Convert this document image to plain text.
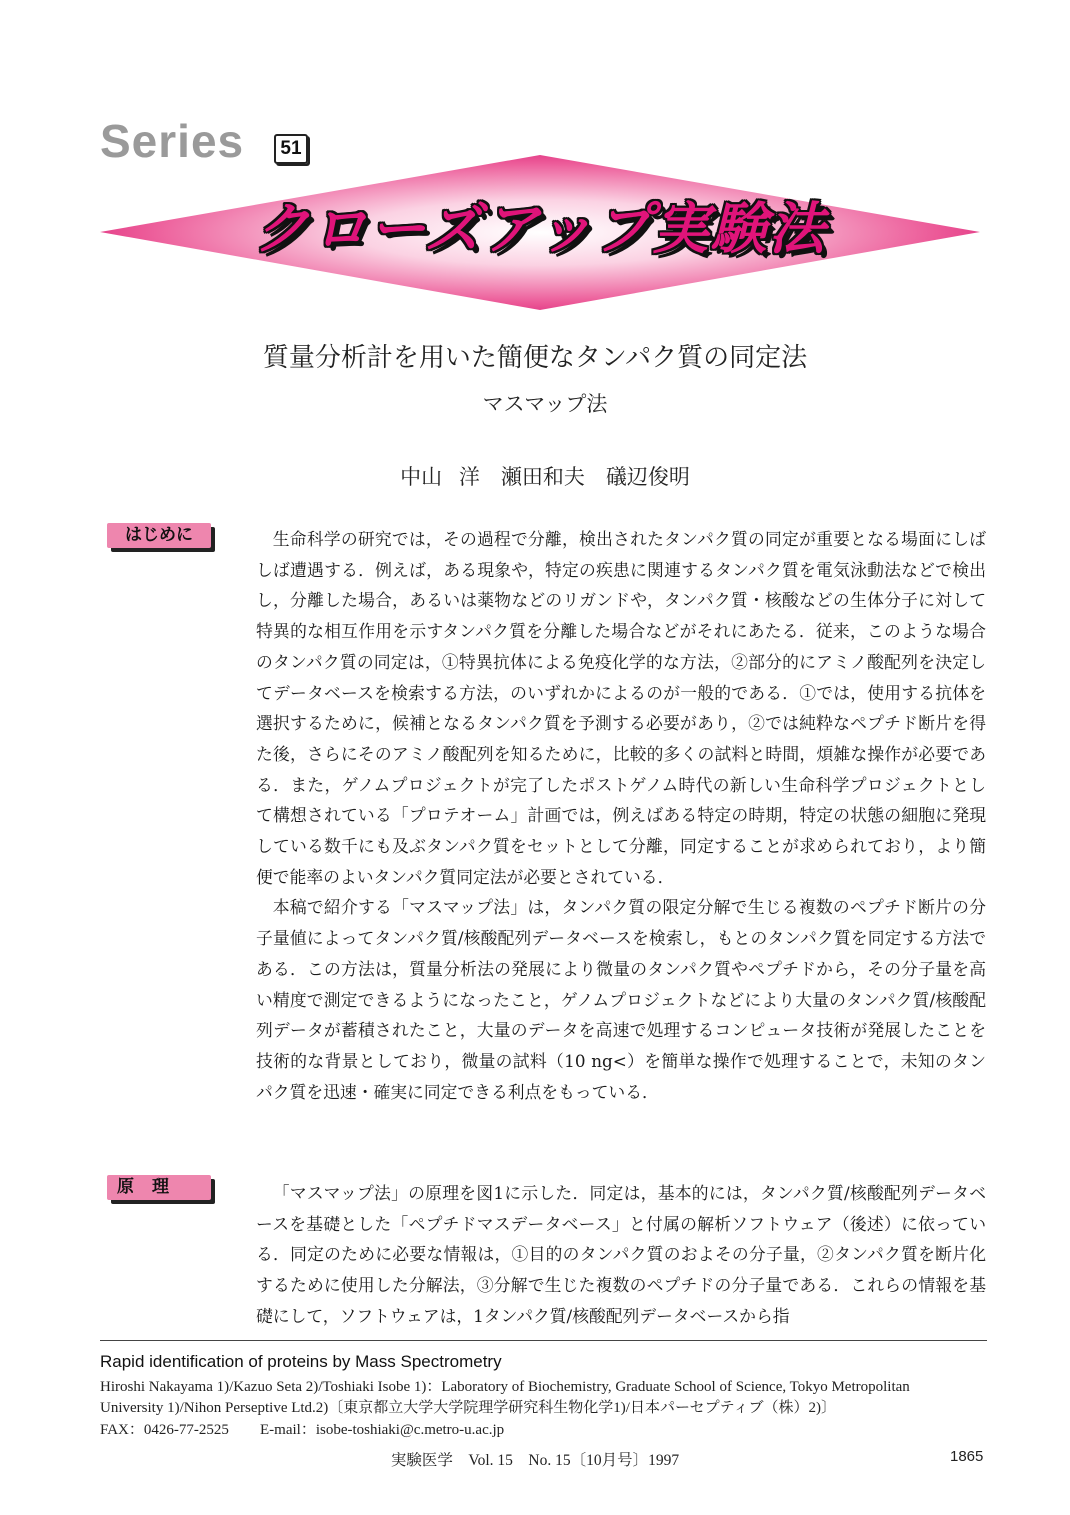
Series	51
クローズアップ実験法
質量分析計を用いた簡便なタンパク質の同定法
マスマップ法
中山 洋　瀬田和夫　礒辺俊明
はじめに	生命科学の研究では，その過程で分離，検出されたタンパク質の同定が重要となる場面にしばしば遭遇する．例えば，ある現象や，特定の疾患に関連するタンパク質を電気泳動法などで検出し，分離した場合，あるいは薬物などのリガンドや，タンパク質・核酸などの生体分子に対して特異的な相互作用を示すタンパク質を分離した場合などがそれにあたる．従来，このような場合のタンパク質の同定は，①特異抗体による免疫化学的な方法，②部分的にアミノ酸配列を決定してデータベースを検索する方法，のいずれかによるのが一般的である．①では，使用する抗体を選択するために，候補となるタンパク質を予測する必要があり，②では純粋なペプチド断片を得た後，さらにそのアミノ酸配列を知るために，比較的多くの試料と時間，煩雑な操作が必要である．また，ゲノムプロジェクトが完了したポストゲノム時代の新しい生命科学プロジェクトとして構想されている「プロテオーム」計画では，例えばある特定の時期，特定の状態の細胞に発現している数千にも及ぶタンパク質をセットとして分離，同定することが求められており，より簡便で能率のよいタンパク質同定法が必要とされている．

本稿で紹介する「マスマップ法」は，タンパク質の限定分解で生じる複数のペプチド断片の分子量値によってタンパク質/核酸配列データベースを検索し，もとのタンパク質を同定する方法である．この方法は，質量分析法の発展により微量のタンパク質やペプチドから，その分子量を高い精度で測定できるようになったこと，ゲノムプロジェクトなどにより大量のタンパク質/核酸配列データが蓄積されたこと，大量のデータを高速で処理するコンピュータ技術が発展したことを技術的な背景としており，微量の試料（10 ng<）を簡単な操作で処理することで，未知のタンパク質を迅速・確実に同定できる利点をもっている．

原理	「マスマップ法」の原理を図1に示した．同定は，基本的には，タンパク質/核酸配列データベースを基礎とした「ペプチドマスデータベース」と付属の解析ソフトウェア（後述）に依っている．同定のために必要な情報は，①目的のタンパク質のおよその分子量，②タンパク質を断片化するために使用した分解法，③分解で生じた複数のペプチドの分子量である．これらの情報を基礎にして，ソフトウェアは，1タンパク質/核酸配列データベースから指

Rapid identification of proteins by Mass Spectrometry
Hiroshi Nakayama 1)/Kazuo Seta 2)/Toshiaki Isobe 1)：Laboratory of Biochemistry, Graduate School of Science, Tokyo Metropolitan
University 1)/Nihon Perseptive Ltd.2)〔東京都立大学大学院理学研究科生物化学1)/日本パーセプティブ（株）2)〕
FAX：0426-77-2525 E-mail：isobe-toshiaki@c.metro-u.ac.jp
実験医学　Vol. 15　No. 15〔10月号〕1997	1865
